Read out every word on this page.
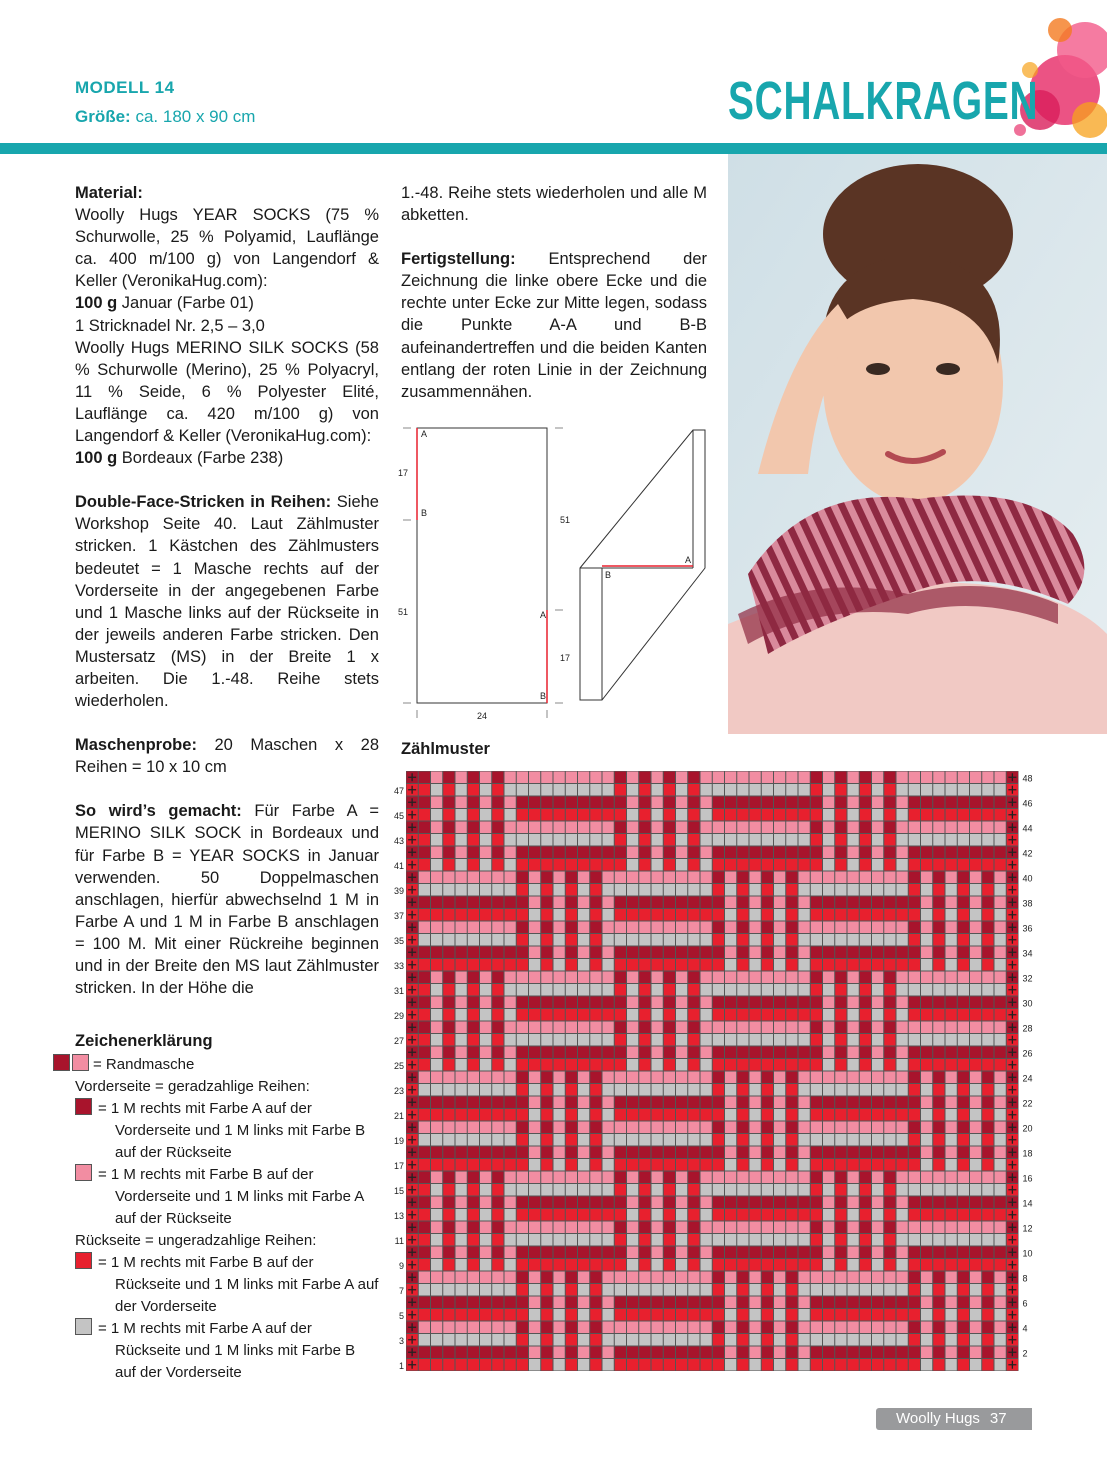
MODELL 14
Größe: ca. 180 x 90 cm	SCHALKRAGEN

Material:

Woolly Hugs YEAR SOCKS (75 % Schurwolle, 25 % Polyamid, Lauflänge ca. 400 m/100 g) von Langendorf & Keller (VeronikaHug.com):

100 g Januar (Farbe 01)

1 Stricknadel Nr. 2,5 – 3,0

Woolly Hugs MERINO SILK SOCKS (58 % Schurwolle (Merino), 25 % Polyacryl, 11 % Seide, 6 % Polyester Elité, Lauflänge ca. 420 m/100 g) von Langendorf & Keller (VeronikaHug.com):

100 g Bordeaux (Farbe 238)

Double-Face-Stricken in Reihen: Siehe Workshop Seite 40. Laut Zählmuster stricken. 1 Kästchen des Zählmusters bedeutet = 1 Masche rechts auf der Vorderseite in der angegebenen Farbe und 1 Masche links auf der Rückseite in der jeweils anderen Farbe stricken. Den Mustersatz (MS) in der Breite 1 x arbeiten. Die 1.-48. Reihe stets wiederholen.

Maschenprobe: 20 Maschen x 28 Reihen = 10 x 10 cm

So wird’s gemacht: Für Farbe A = MERINO SILK SOCK in Bordeaux und für Farbe B = YEAR SOCKS in Januar verwenden. 50 Doppelmaschen anschlagen, hierfür abwechselnd 1 M in Farbe A und 1 M in Farbe B anschlagen = 100 M. Mit einer Rückreihe beginnen und in der Breite den MS laut Zählmuster stricken. In der Höhe die

1.-48. Reihe stets wiederholen und alle M abketten.

Fertigstellung: Entsprechend der Zeichnung die linke obere Ecke und die rechte unter Ecke zur Mitte legen, sodass die Punkte A-A und B-B aufeinandertreffen und die beiden Kanten entlang der roten Linie in der Zeichnung zusammennähen.

A
B
A
B
17
51
51
17
24
A
B
Zählmuster
1
3
5
7
9
11
13
15
17
19
21
23
25
27
29
31
33
35
37
39
41
43
45
47
2
4
6
8
10
12
14
16
18
20
22
24
26
28
30
32
34
36
38
40
42
44
46
48
Zeichenerklärung
= Randmasche
Vorderseite = geradzahlige Reihen:
= 1 M rechts mit Farbe A auf der
Vorderseite und 1 M links mit Farbe B auf der Rückseite
= 1 M rechts mit Farbe B auf der
Vorderseite und 1 M links mit Farbe A auf der Rückseite
Rückseite = ungeradzahlige Reihen:
= 1 M rechts mit Farbe B auf der
Rückseite und 1 M links mit Farbe A auf der Vorderseite
= 1 M rechts mit Farbe A auf der
Rückseite und 1 M links mit Farbe B auf der Vorderseite
Woolly Hugs 37
